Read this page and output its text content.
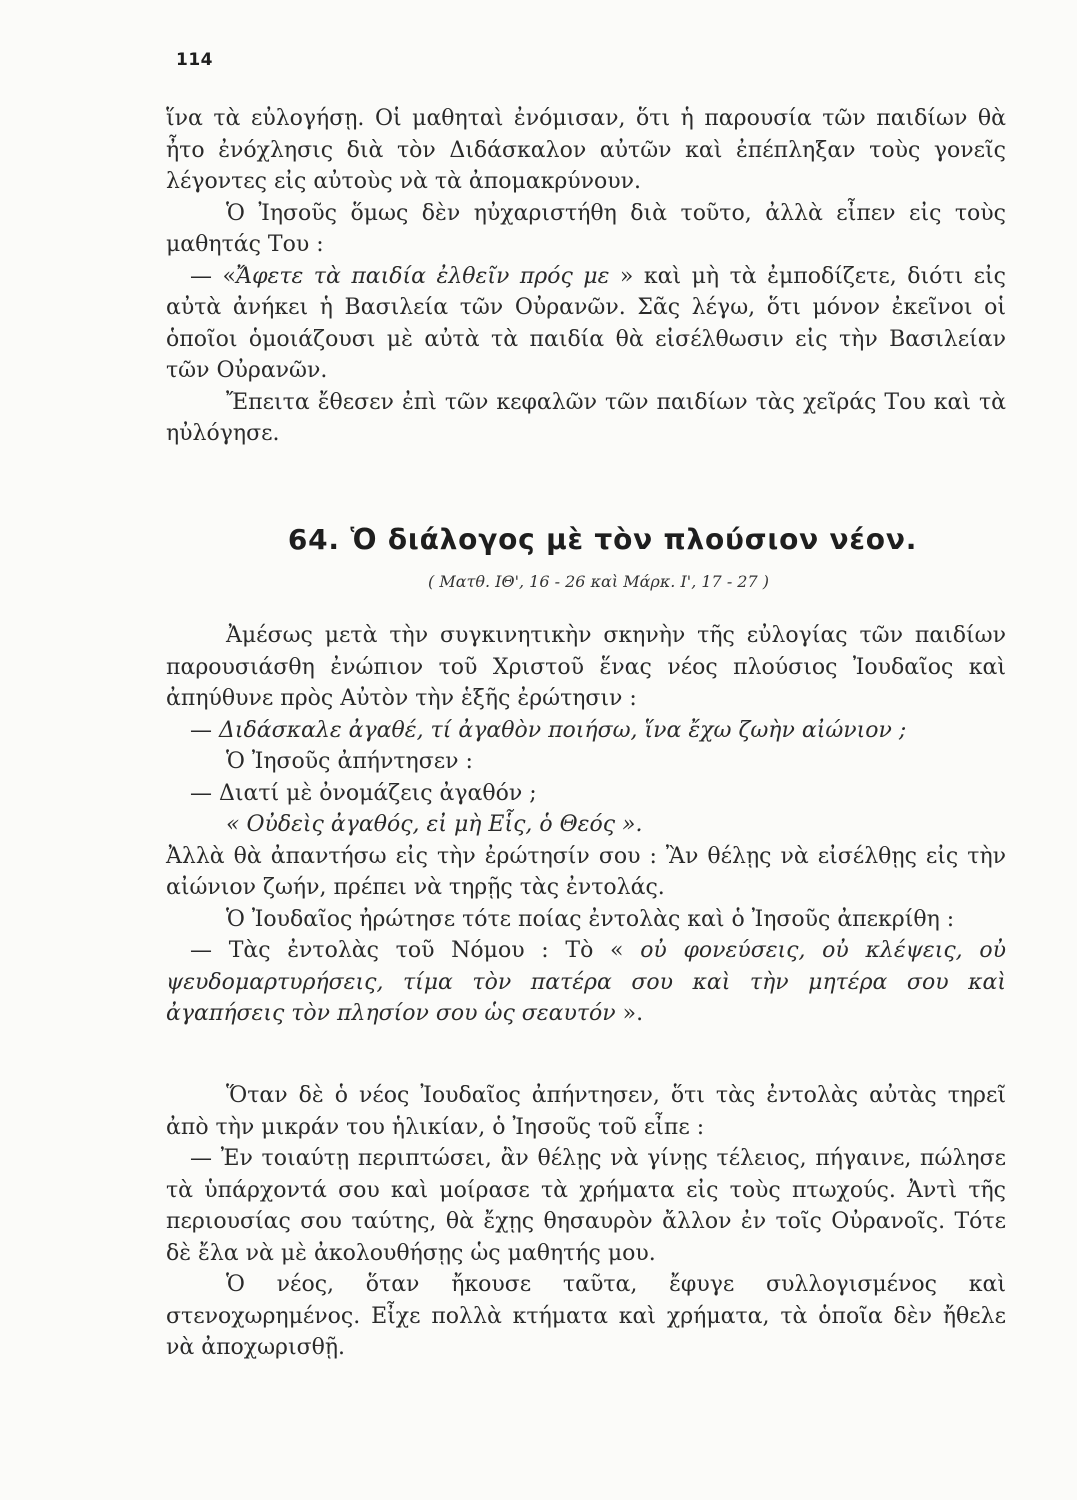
114

ἵνα τὰ εὐλογήσῃ. Οἱ μαθηταὶ ἐνόμισαν, ὅτι ἡ παρουσία τῶν παιδίων θὰ ἦτο ἐνόχλησις διὰ τὸν Διδάσκαλον αὐτῶν καὶ ἐπέπληξαν τοὺς γονεῖς λέγοντες εἰς αὐτοὺς νὰ τὰ ἀπομακρύνουν.

Ὁ Ἰησοῦς ὅμως δὲν ηὐχαριστήθη διὰ τοῦτο, ἀλλὰ εἶπεν εἰς τοὺς μαθητάς Του :

— «Ἄφετε τὰ παιδία ἐλθεῖν πρός με » καὶ μὴ τὰ ἐμποδίζετε, διότι εἰς αὐτὰ ἀνήκει ἡ Βασιλεία τῶν Οὐρανῶν. Σᾶς λέγω, ὅτι μόνον ἐκεῖνοι οἱ ὁποῖοι ὁμοιάζουσι μὲ αὐτὰ τὰ παιδία θὰ εἰσέλθωσιν εἰς τὴν Βασιλείαν τῶν Οὐρανῶν.

Ἔπειτα ἔθεσεν ἐπὶ τῶν κεφαλῶν τῶν παιδίων τὰς χεῖράς Του καὶ τὰ ηὐλόγησε.

64. Ὁ διάλογος μὲ τὸν πλούσιον νέον.
( Ματθ. ΙΘ', 16 - 26 καὶ Μάρκ. Ι', 17 - 27 )

Ἀμέσως μετὰ τὴν συγκινητικὴν σκηνὴν τῆς εὐλογίας τῶν παιδίων παρουσιάσθη ἐνώπιον τοῦ Χριστοῦ ἕνας νέος πλούσιος Ἰουδαῖος καὶ ἀπηύθυνε πρὸς Αὐτὸν τὴν ἑξῆς ἐρώτησιν :

— Διδάσκαλε ἀγαθέ, τί ἀγαθὸν ποιήσω, ἵνα ἔχω ζωὴν αἰώνιον ;

Ὁ Ἰησοῦς ἀπήντησεν :

— Διατί μὲ ὀνομάζεις ἀγαθόν ;

« Οὐδεὶς ἀγαθός, εἰ μὴ Εἷς, ὁ Θεός ».

Ἀλλὰ θὰ ἀπαντήσω εἰς τὴν ἐρώτησίν σου : Ἂν θέλῃς νὰ εἰσέλθῃς εἰς τὴν αἰώνιον ζωήν, πρέπει νὰ τηρῇς τὰς ἐντολάς.

Ὁ Ἰουδαῖος ἠρώτησε τότε ποίας ἐντολὰς καὶ ὁ Ἰησοῦς ἀπεκρίθη :

— Τὰς ἐντολὰς τοῦ Νόμου : Τὸ « οὐ φονεύσεις, οὐ κλέψεις, οὐ ψευδομαρτυρήσεις, τίμα τὸν πατέρα σου καὶ τὴν μητέρα σου καὶ ἀγαπήσεις τὸν πλησίον σου ὡς σεαυτόν ».

Ὅταν δὲ ὁ νέος Ἰουδαῖος ἀπήντησεν, ὅτι τὰς ἐντολὰς αὐτὰς τηρεῖ ἀπὸ τὴν μικράν του ἡλικίαν, ὁ Ἰησοῦς τοῦ εἶπε :

— Ἐν τοιαύτῃ περιπτώσει, ἂν θέλῃς νὰ γίνῃς τέλειος, πήγαινε, πώλησε τὰ ὑπάρχοντά σου καὶ μοίρασε τὰ χρήματα εἰς τοὺς πτωχούς. Ἀντὶ τῆς περιουσίας σου ταύτης, θὰ ἔχῃς θησαυρὸν ἄλλον ἐν τοῖς Οὐρανοῖς. Τότε δὲ ἔλα νὰ μὲ ἀκολουθήσῃς ὡς μαθητής μου.

Ὁ νέος, ὅταν ἤκουσε ταῦτα, ἔφυγε συλλογισμένος καὶ στενοχωρημένος. Εἶχε πολλὰ κτήματα καὶ χρήματα, τὰ ὁποῖα δὲν ἤθελε νὰ ἀποχωρισθῇ.
